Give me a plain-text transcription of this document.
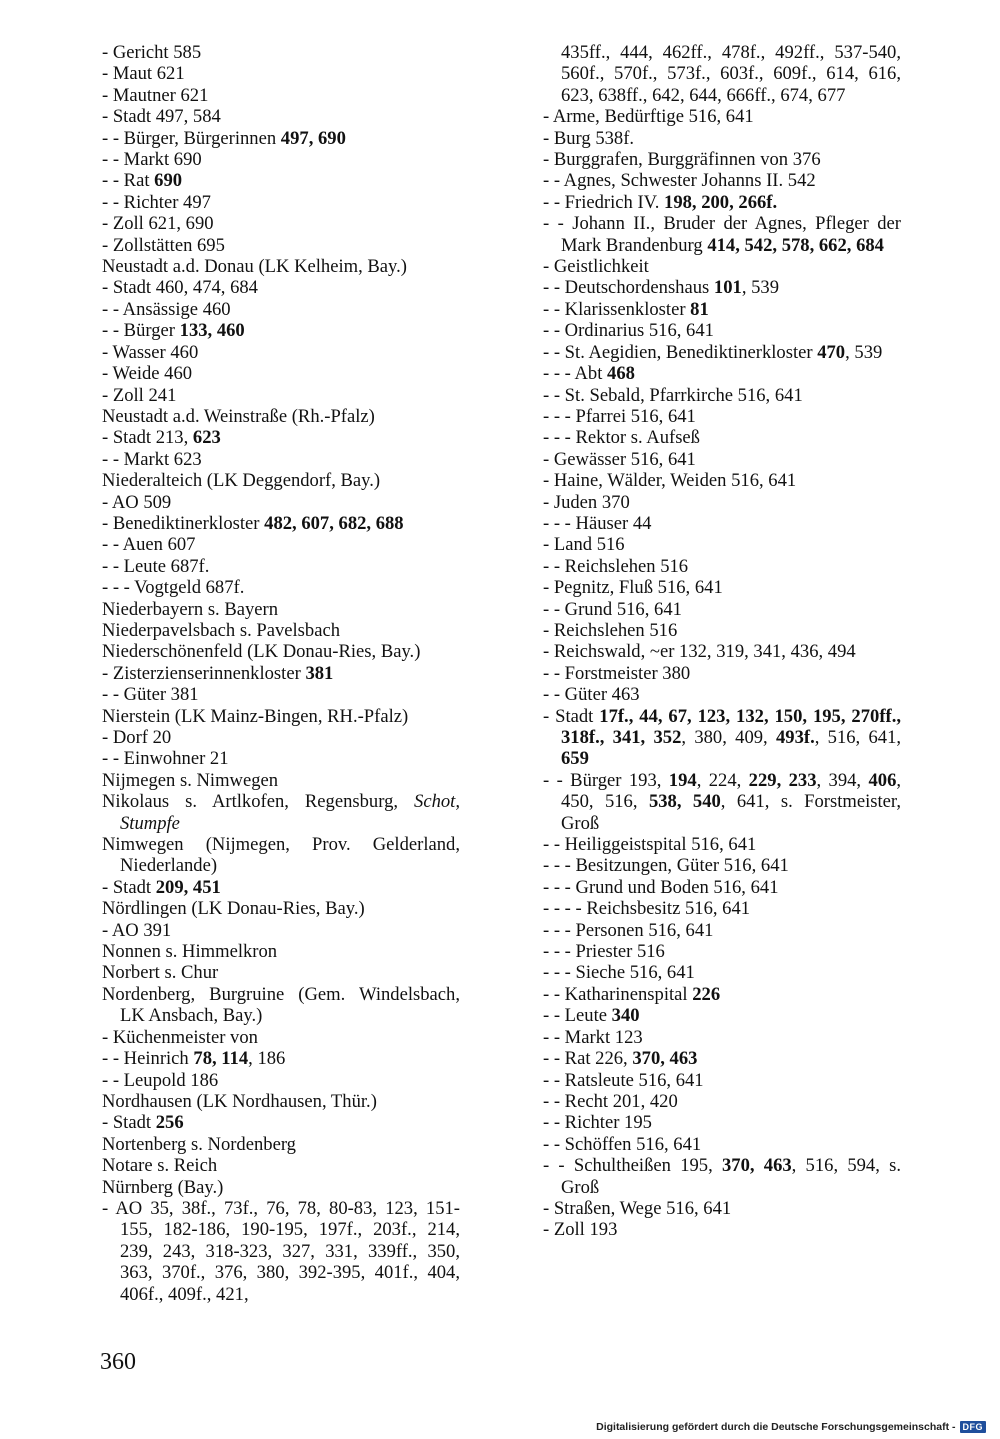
- Gericht 585
- Maut 621
- Mautner 621
- Stadt 497, 584
- - Bürger, Bürgerinnen 497, 690
- - Markt 690
- - Rat 690
- - Richter 497
- Zoll 621, 690
- Zollstätten 695
Neustadt a.d. Donau (LK Kelheim, Bay.)
- Stadt 460, 474, 684
- - Ansässige 460
- - Bürger 133, 460
- Wasser 460
- Weide 460
- Zoll 241
Neustadt a.d. Weinstraße (Rh.-Pfalz)
- Stadt 213, 623
- - Markt 623
Niederalteich (LK Deggendorf, Bay.)
- AO 509
- Benediktinerkloster 482, 607, 682, 688
- - Auen 607
- - Leute 687f.
- - - Vogtgeld 687f.
Niederbayern s. Bayern
Niederpavelsbach s. Pavelsbach
Niederschönenfeld (LK Donau-Ries, Bay.)
- Zisterzienserinnenkloster 381
- - Güter 381
Nierstein (LK Mainz-Bingen, RH.-Pfalz)
- Dorf 20
- - Einwohner 21
Nijmegen s. Nimwegen
Nikolaus s. Artlkofen, Regensburg, Schot, Stumpfe
Nimwegen (Nijmegen, Prov. Gelderland, Niederlande)
- Stadt 209, 451
Nördlingen (LK Donau-Ries, Bay.)
- AO 391
Nonnen s. Himmelkron
Norbert s. Chur
Nordenberg, Burgruine (Gem. Windelsbach, LK Ansbach, Bay.)
- Küchenmeister von
- - Heinrich 78, 114, 186
- - Leupold 186
Nordhausen (LK Nordhausen, Thür.)
- Stadt 256
Nortenberg s. Nordenberg
Notare s. Reich
Nürnberg (Bay.)
- AO 35, 38f., 73f., 76, 78, 80-83, 123, 151-155, 182-186, 190-195, 197f., 203f., 214, 239, 243, 318-323, 327, 331, 339ff., 350, 363, 370f., 376, 380, 392-395, 401f., 404, 406f., 409f., 421,
435ff., 444, 462ff., 478f., 492ff., 537-540, 560f., 570f., 573f., 603f., 609f., 614, 616, 623, 638ff., 642, 644, 666ff., 674, 677
- Arme, Bedürftige 516, 641
- Burg 538f.
- Burggrafen, Burggräfinnen von 376
- - Agnes, Schwester Johanns II. 542
- - Friedrich IV. 198, 200, 266f.
- - Johann II., Bruder der Agnes, Pfleger der Mark Brandenburg 414, 542, 578, 662, 684
- Geistlichkeit
- - Deutschordenshaus 101, 539
- - Klarissenkloster 81
- - Ordinarius 516, 641
- - St. Aegidien, Benediktinerkloster 470, 539
- - - Abt 468
- - St. Sebald, Pfarrkirche 516, 641
- - - Pfarrei 516, 641
- - - Rektor s. Aufseß
- Gewässer 516, 641
- Haine, Wälder, Weiden 516, 641
- Juden 370
- - - Häuser 44
- Land 516
- - Reichslehen 516
- Pegnitz, Fluß 516, 641
- - Grund 516, 641
- Reichslehen 516
- Reichswald, ~er 132, 319, 341, 436, 494
- - Forstmeister 380
- - Güter 463
- Stadt 17f., 44, 67, 123, 132, 150, 195, 270ff., 318f., 341, 352, 380, 409, 493f., 516, 641, 659
- - Bürger 193, 194, 224, 229, 233, 394, 406, 450, 516, 538, 540, 641, s. Forstmeister, Groß
- - Heiliggeistspital 516, 641
- - - Besitzungen, Güter 516, 641
- - - Grund und Boden 516, 641
- - - - Reichsbesitz 516, 641
- - - Personen 516, 641
- - - Priester 516
- - - Sieche 516, 641
- - Katharinenspital 226
- - Leute 340
- - Markt 123
- - Rat 226, 370, 463
- - Ratsleute 516, 641
- - Recht 201, 420
- - Richter 195
- - Schöffen 516, 641
- - Schultheißen 195, 370, 463, 516, 594, s. Groß
- Straßen, Wege 516, 641
- Zoll 193
360
Digitalisierung gefördert durch die Deutsche Forschungsgemeinschaft - DFG
